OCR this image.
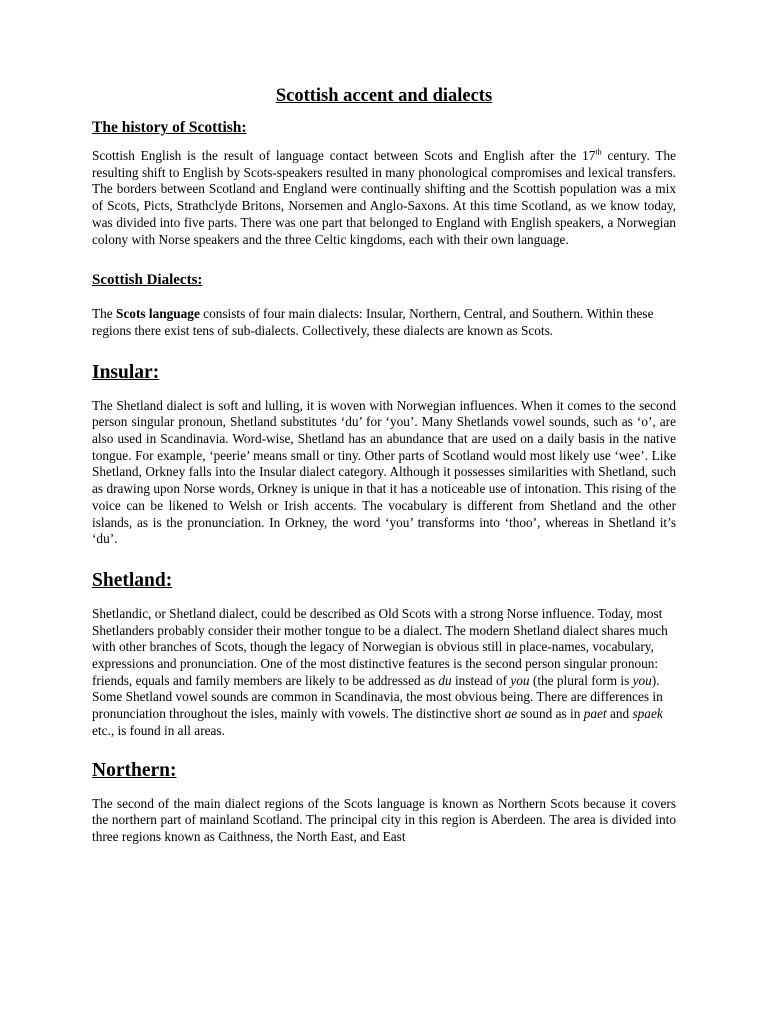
Scottish accent and dialects
The history of Scottish:

Scottish English is the result of language contact between Scots and English after the 17th century. The resulting shift to English by Scots-speakers resulted in many phonological compromises and lexical transfers. The borders between Scotland and England were continually shifting and the Scottish population was a mix of Scots, Picts, Strathclyde Britons, Norsemen and Anglo-Saxons. At this time Scotland, as we know today, was divided into five parts. There was one part that belonged to England with English speakers, a Norwegian colony with Norse speakers and the three Celtic kingdoms, each with their own language.

Scottish Dialects:

The Scots language consists of four main dialects: Insular, Northern, Central, and Southern. Within these regions there exist tens of sub-dialects. Collectively, these dialects are known as Scots.

Insular:

The Shetland dialect is soft and lulling, it is woven with Norwegian influences. When it comes to the second person singular pronoun, Shetland substitutes ‘du’ for ‘you’. Many Shetlands vowel sounds, such as ‘o’, are also used in Scandinavia. Word-wise, Shetland has an abundance that are used on a daily basis in the native tongue. For example, ‘peerie’ means small or tiny. Other parts of Scotland would most likely use ‘wee’. Like Shetland, Orkney falls into the Insular dialect category. Although it possesses similarities with Shetland, such as drawing upon Norse words, Orkney is unique in that it has a noticeable use of intonation. This rising of the voice can be likened to Welsh or Irish accents. The vocabulary is different from Shetland and the other islands, as is the pronunciation. In Orkney, the word ‘you’ transforms into ‘thoo’, whereas in Shetland it’s ‘du’.

Shetland:

Shetlandic, or Shetland dialect, could be described as Old Scots with a strong Norse influence. Today, most Shetlanders probably consider their mother tongue to be a dialect. The modern Shetland dialect shares much with other branches of Scots, though the legacy of Norwegian is obvious still in place-names, vocabulary, expressions and pronunciation. One of the most distinctive features is the second person singular pronoun: friends, equals and family members are likely to be addressed as du instead of you (the plural form is you). Some Shetland vowel sounds are common in Scandinavia, the most obvious being. There are differences in pronunciation throughout the isles, mainly with vowels. The distinctive short ae sound as in paet and spaek etc., is found in all areas.

Northern:

The second of the main dialect regions of the Scots language is known as Northern Scots because it covers the northern part of mainland Scotland. The principal city in this region is Aberdeen. The area is divided into three regions known as Caithness, the North East, and East
